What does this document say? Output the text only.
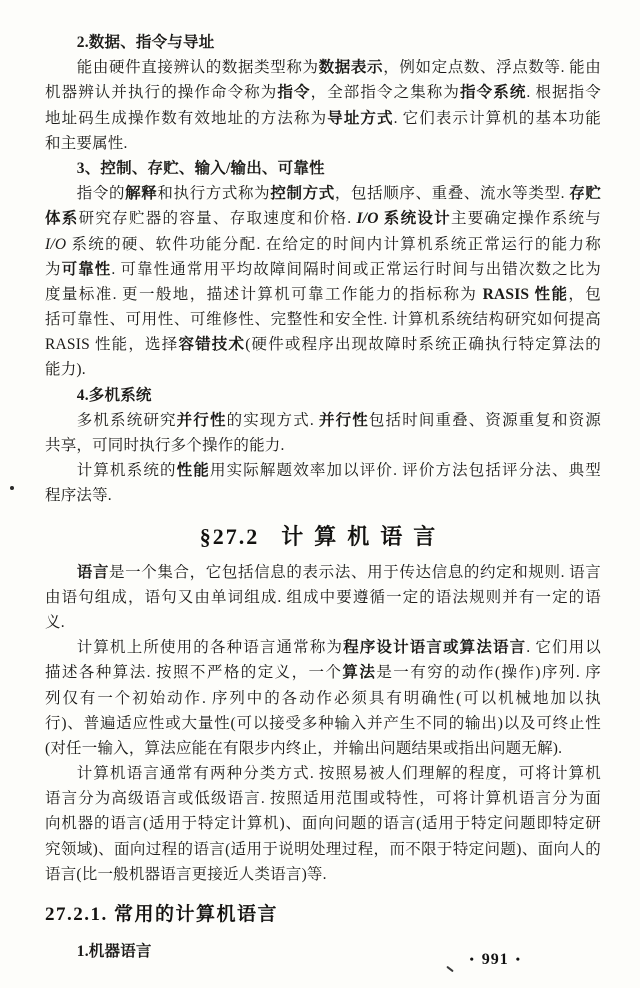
2.数据、指令与导址
能由硬件直接辨认的数据类型称为数据表示，例如定点数、浮点数等. 能由
机器辨认并执行的操作命令称为指令，全部指令之集称为指令系统. 根据指令
地址码生成操作数有效地址的方法称为导址方式. 它们表示计算机的基本功能
和主要属性.
3、控制、存贮、输入/输出、可靠性
指令的解释和执行方式称为控制方式，包括顺序、重叠、流水等类型. 存贮
体系研究存贮器的容量、存取速度和价格. I/O 系统设计主要确定操作系统与
I/O 系统的硬、软件功能分配. 在给定的时间内计算机系统正常运行的能力称
为可靠性. 可靠性通常用平均故障间隔时间或正常运行时间与出错次数之比为
度量标准. 更一般地，描述计算机可靠工作能力的指标称为 RASIS 性能，包
括可靠性、可用性、可维修性、完整性和安全性. 计算机系统结构研究如何提高
RASIS 性能，选择容错技术(硬件或程序出现故障时系统正确执行特定算法的
能力).
4.多机系统
多机系统研究并行性的实现方式. 并行性包括时间重叠、资源重复和资源
共享，可同时执行多个操作的能力.
计算机系统的性能用实际解题效率加以评价. 评价方法包括评分法、典型
程序法等.
§27.2 计算机语言
语言是一个集合，它包括信息的表示法、用于传达信息的约定和规则. 语言
由语句组成，语句又由单词组成. 组成中要遵循一定的语法规则并有一定的语
义.
计算机上所使用的各种语言通常称为程序设计语言或算法语言. 它们用以
描述各种算法. 按照不严格的定义，一个算法是一有穷的动作(操作)序列. 序
列仅有一个初始动作. 序列中的各动作必须具有明确性(可以机械地加以执
行)、普遍适应性或大量性(可以接受多种输入并产生不同的输出)以及可终止性
(对任一输入，算法应能在有限步内终止，并输出问题结果或指出问题无解).
计算机语言通常有两种分类方式. 按照易被人们理解的程度，可将计算机
语言分为高级语言或低级语言. 按照适用范围或特性，可将计算机语言分为面
向机器的语言(适用于特定计算机)、面向问题的语言(适用于特定问题即特定研
究领域)、面向过程的语言(适用于说明处理过程，而不限于特定问题)、面向人的
语言(比一般机器语言更接近人类语言)等.
27.2.1. 常用的计算机语言
1.机器语言	• 991 •
